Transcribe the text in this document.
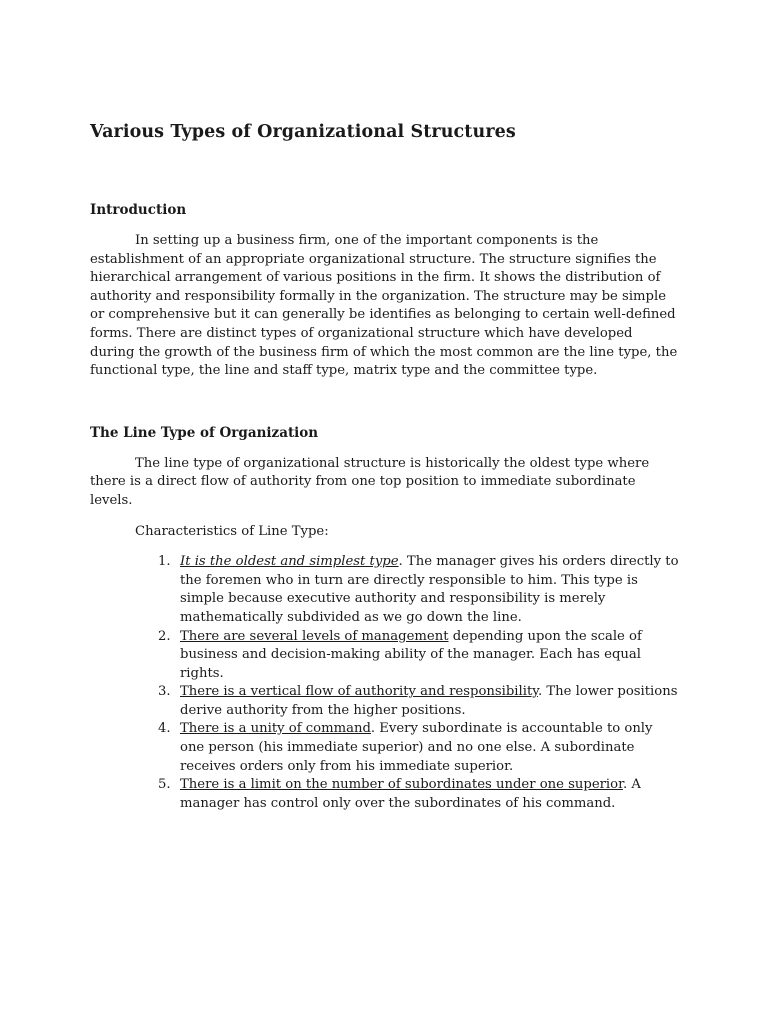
Various Types of Organizational Structures
Introduction

In setting up a business firm, one of the important components is the establishment of an appropriate organizational structure. The structure signifies the hierarchical arrangement of various positions in the firm. It shows the distribution of authority and responsibility formally in the organization. The structure may be simple or comprehensive but it can generally be identifies as belonging to certain well-defined forms. There are distinct types of organizational structure which have developed during the growth of the business firm of which the most common are the line type, the functional type, the line and staff type, matrix type and the committee type.

The Line Type of Organization

The line type of organizational structure is historically the oldest type where there is a direct flow of authority from one top position to immediate subordinate levels.

Characteristics of Line Type:

1. It is the oldest and simplest type. The manager gives his orders directly to the foremen who in turn are directly responsible to him. This type is simple because executive authority and responsibility is merely mathematically subdivided as we go down the line.
2. There are several levels of management depending upon the scale of business and decision-making ability of the manager. Each has equal rights.
3. There is a vertical flow of authority and responsibility. The lower positions derive authority from the higher positions.
4. There is a unity of command. Every subordinate is accountable to only one person (his immediate superior) and no one else. A subordinate receives orders only from his immediate superior.
5. There is a limit on the number of subordinates under one superior. A manager has control only over the subordinates of his command.
